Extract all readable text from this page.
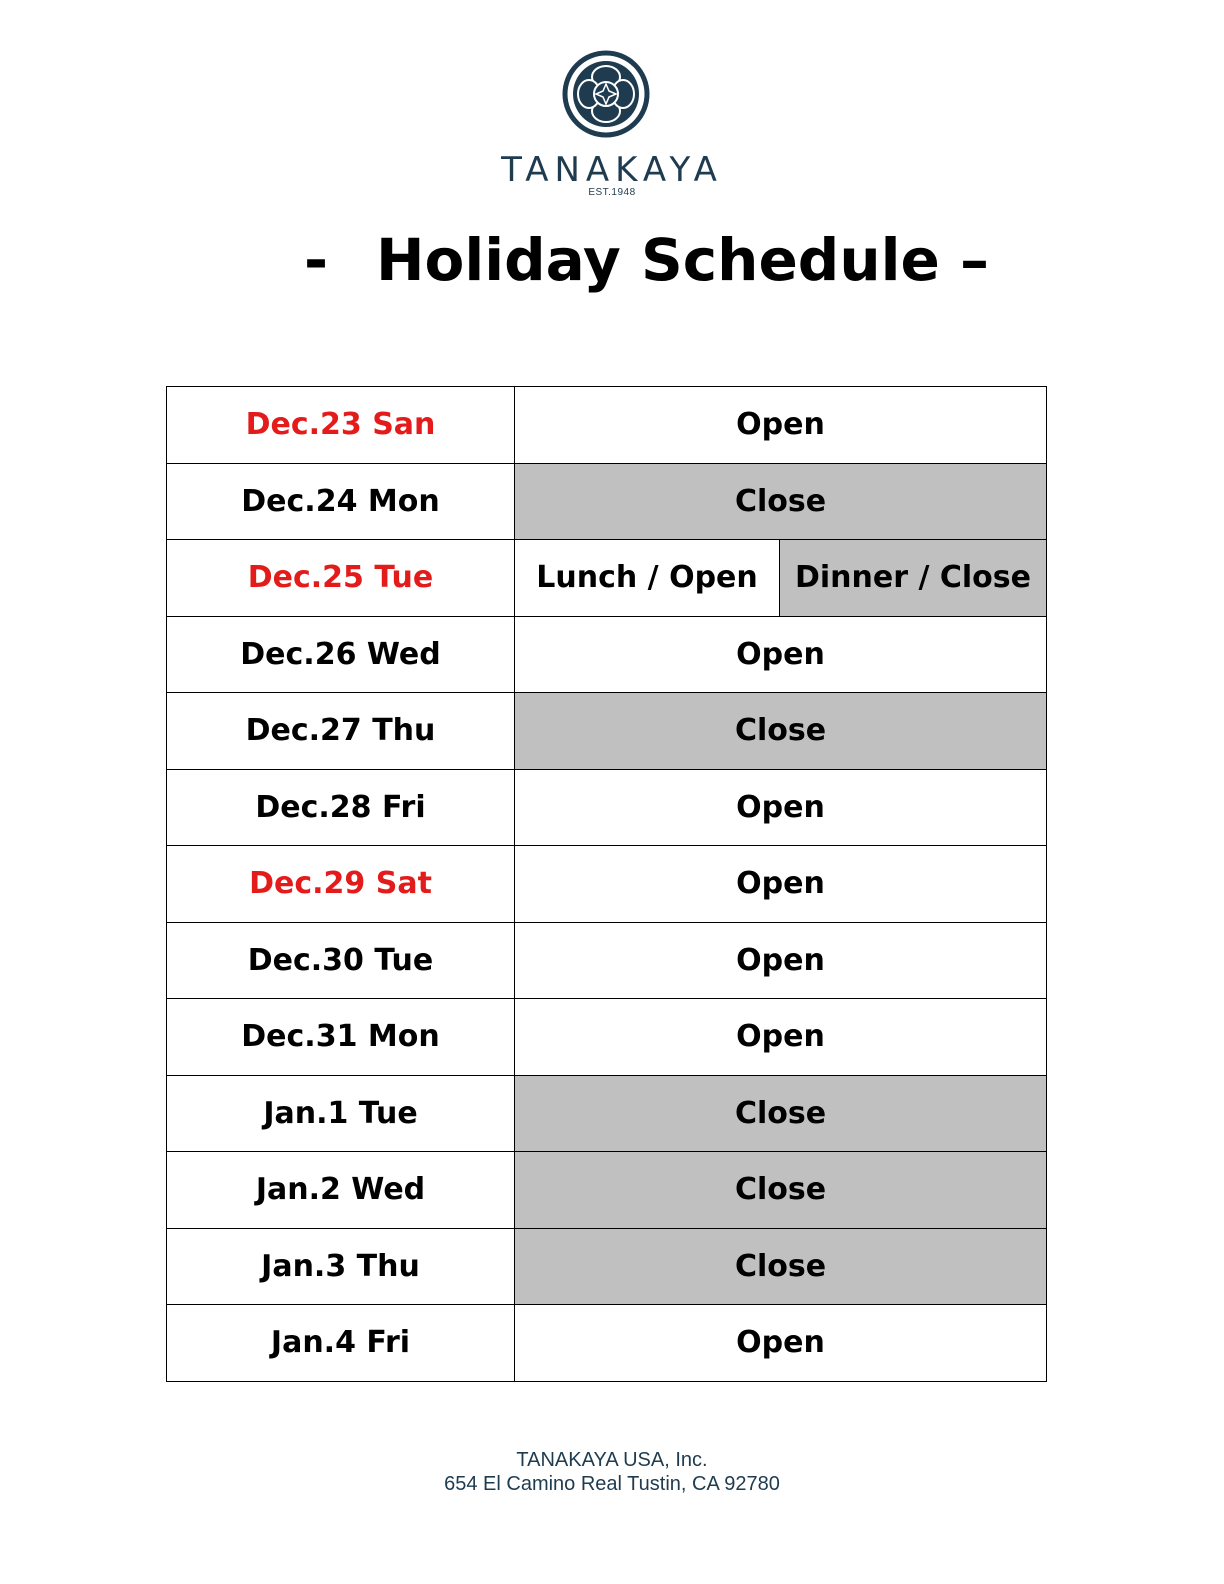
TANAKAYA
EST.1948
- Holiday Schedule –
Dec.23 San	Open	
Dec.24 Mon	Close	
Dec.25 Tue	Lunch / Open	Dinner / Close
Dec.26 Wed	Open	
Dec.27 Thu	Close	
Dec.28 Fri	Open	
Dec.29 Sat	Open	
Dec.30 Tue	Open	
Dec.31 Mon	Open	
Jan.1 Tue	Close	
Jan.2 Wed	Close	
Jan.3 Thu	Close	
Jan.4 Fri	Open	
TANAKAYA USA, Inc.
654 El Camino Real Tustin, CA 92780
